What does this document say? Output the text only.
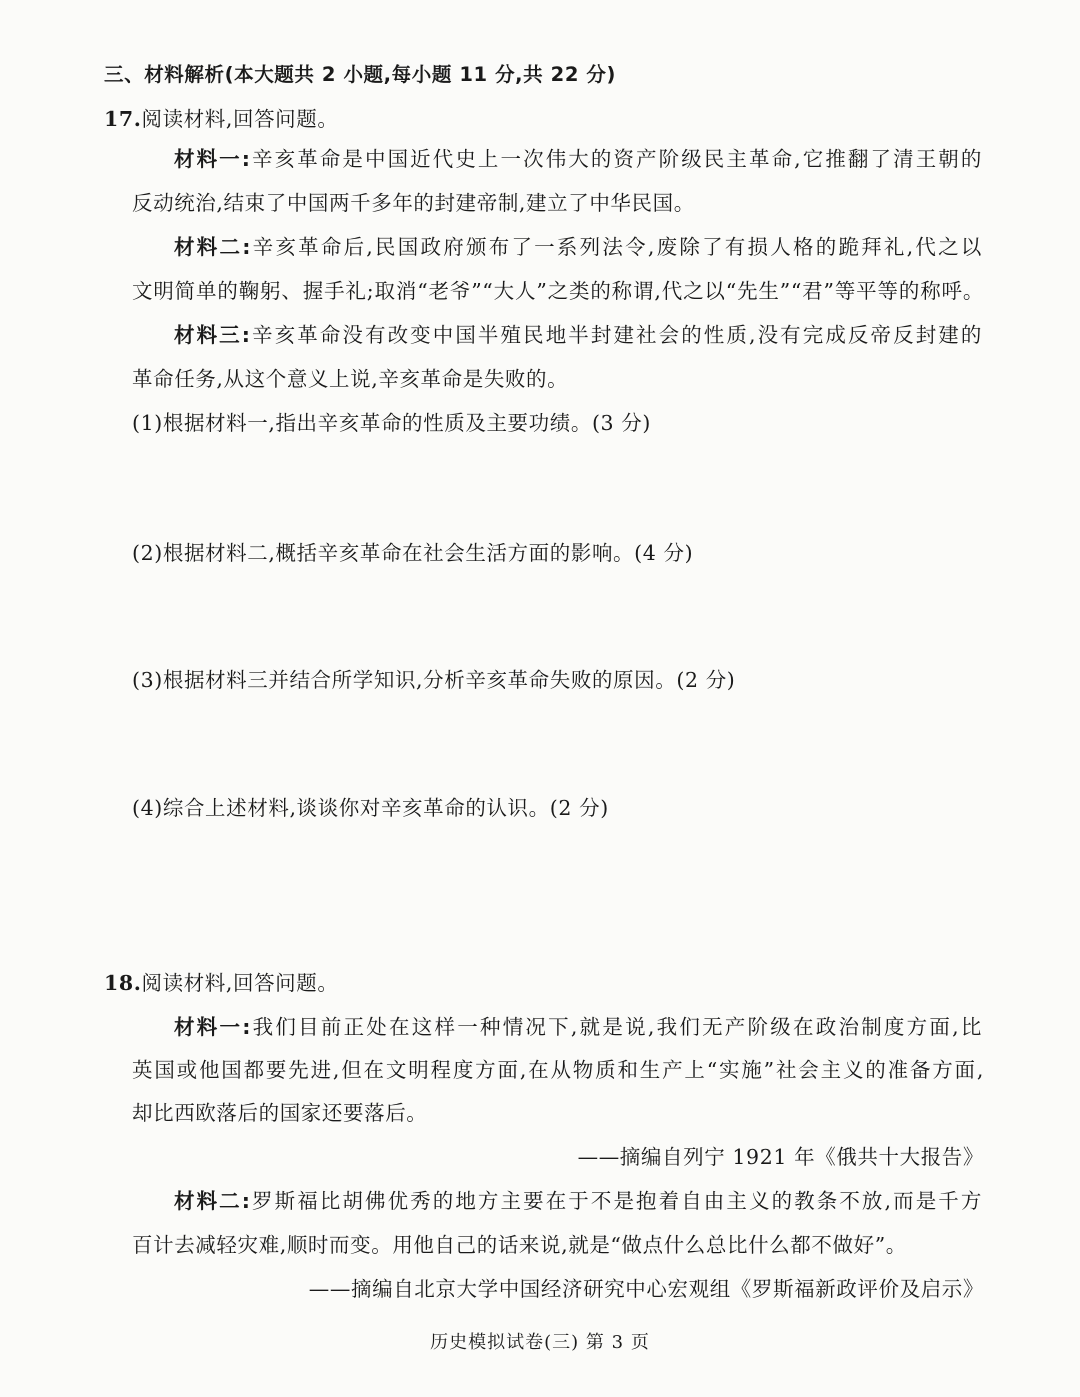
三、材料解析(本大题共 2 小题,每小题 11 分,共 22 分)
17.阅读材料,回答问题。
材料一:辛亥革命是中国近代史上一次伟大的资产阶级民主革命,它推翻了清王朝的
反动统治,结束了中国两千多年的封建帝制,建立了中华民国。
材料二:辛亥革命后,民国政府颁布了一系列法令,废除了有损人格的跪拜礼,代之以
文明简单的鞠躬、握手礼;取消“老爷”“大人”之类的称谓,代之以“先生”“君”等平等的称呼。
材料三:辛亥革命没有改变中国半殖民地半封建社会的性质,没有完成反帝反封建的
革命任务,从这个意义上说,辛亥革命是失败的。
(1)根据材料一,指出辛亥革命的性质及主要功绩。(3 分)
(2)根据材料二,概括辛亥革命在社会生活方面的影响。(4 分)
(3)根据材料三并结合所学知识,分析辛亥革命失败的原因。(2 分)
(4)综合上述材料,谈谈你对辛亥革命的认识。(2 分)
18.阅读材料,回答问题。
材料一:我们目前正处在这样一种情况下,就是说,我们无产阶级在政治制度方面,比
英国或他国都要先进,但在文明程度方面,在从物质和生产上“实施”社会主义的准备方面,
却比西欧落后的国家还要落后。
——摘编自列宁 1921 年《俄共十大报告》
材料二:罗斯福比胡佛优秀的地方主要在于不是抱着自由主义的教条不放,而是千方
百计去减轻灾难,顺时而变。用他自己的话来说,就是“做点什么总比什么都不做好”。
——摘编自北京大学中国经济研究中心宏观组《罗斯福新政评价及启示》
历史模拟试卷(三) 第 3 页
